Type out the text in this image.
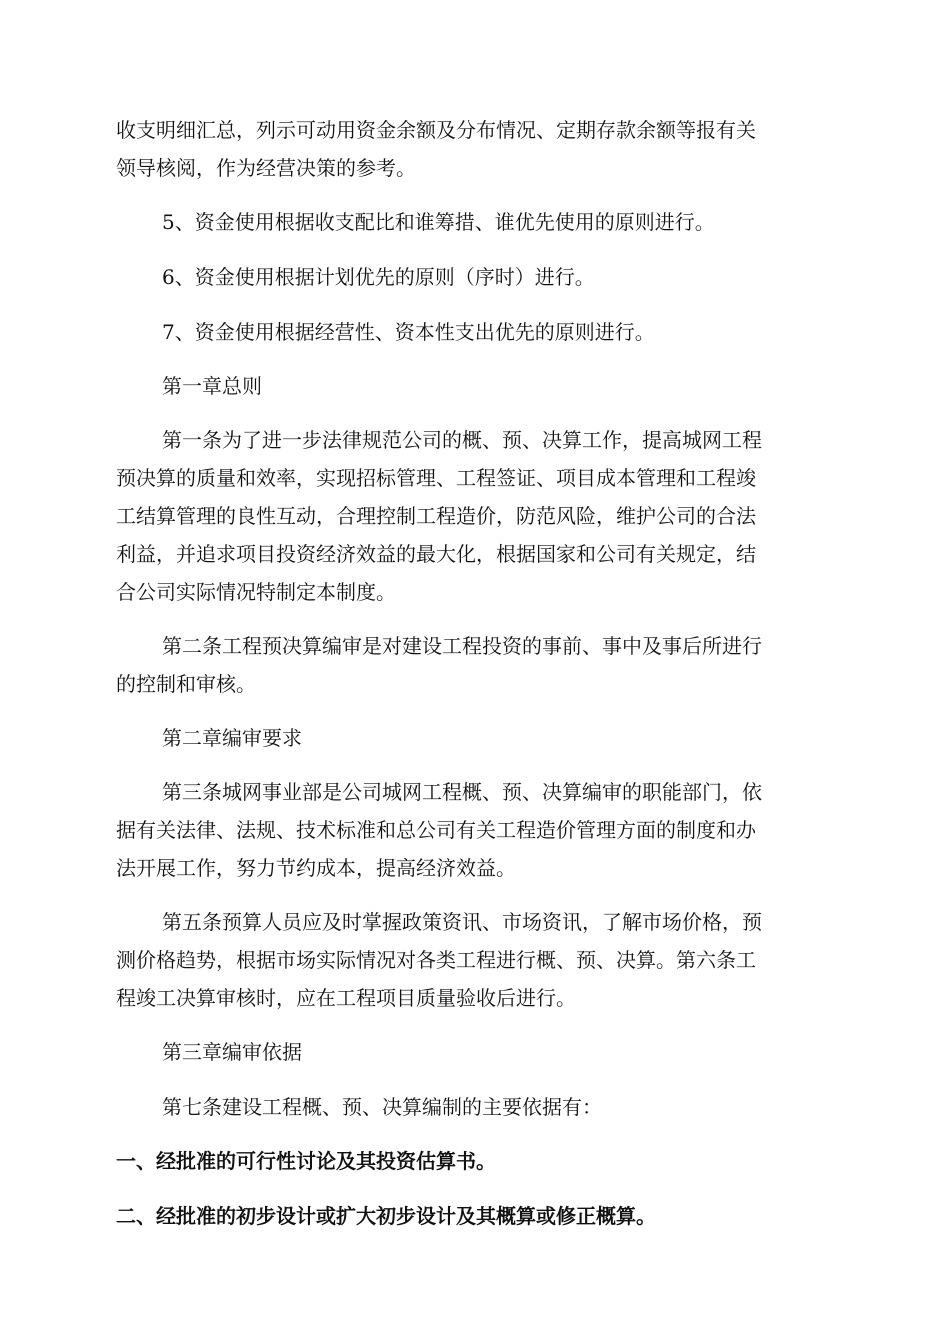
收支明细汇总，列示可动用资金余额及分布情况、定期存款余额等报有关
领导核阅，作为经营决策的参考。
5、资金使用根据收支配比和谁筹措、谁优先使用的原则进行。
6、资金使用根据计划优先的原则（序时）进行。
7、资金使用根据经营性、资本性支出优先的原则进行。
第一章总则
第一条为了进一步法律规范公司的概、预、决算工作，提高城网工程
预决算的质量和效率，实现招标管理、工程签证、项目成本管理和工程竣
工结算管理的良性互动，合理控制工程造价，防范风险，维护公司的合法
利益，并追求项目投资经济效益的最大化，根据国家和公司有关规定，结
合公司实际情况特制定本制度。
第二条工程预决算编审是对建设工程投资的事前、事中及事后所进行
的控制和审核。
第二章编审要求
第三条城网事业部是公司城网工程概、预、决算编审的职能部门，依
据有关法律、法规、技术标准和总公司有关工程造价管理方面的制度和办
法开展工作，努力节约成本，提高经济效益。
第五条预算人员应及时掌握政策资讯、市场资讯，了解市场价格，预
测价格趋势，根据市场实际情况对各类工程进行概、预、决算。第六条工
程竣工决算审核时，应在工程项目质量验收后进行。
第三章编审依据
第七条建设工程概、预、决算编制的主要依据有：
一、经批准的可行性讨论及其投资估算书。
二、经批准的初步设计或扩大初步设计及其概算或修正概算。
